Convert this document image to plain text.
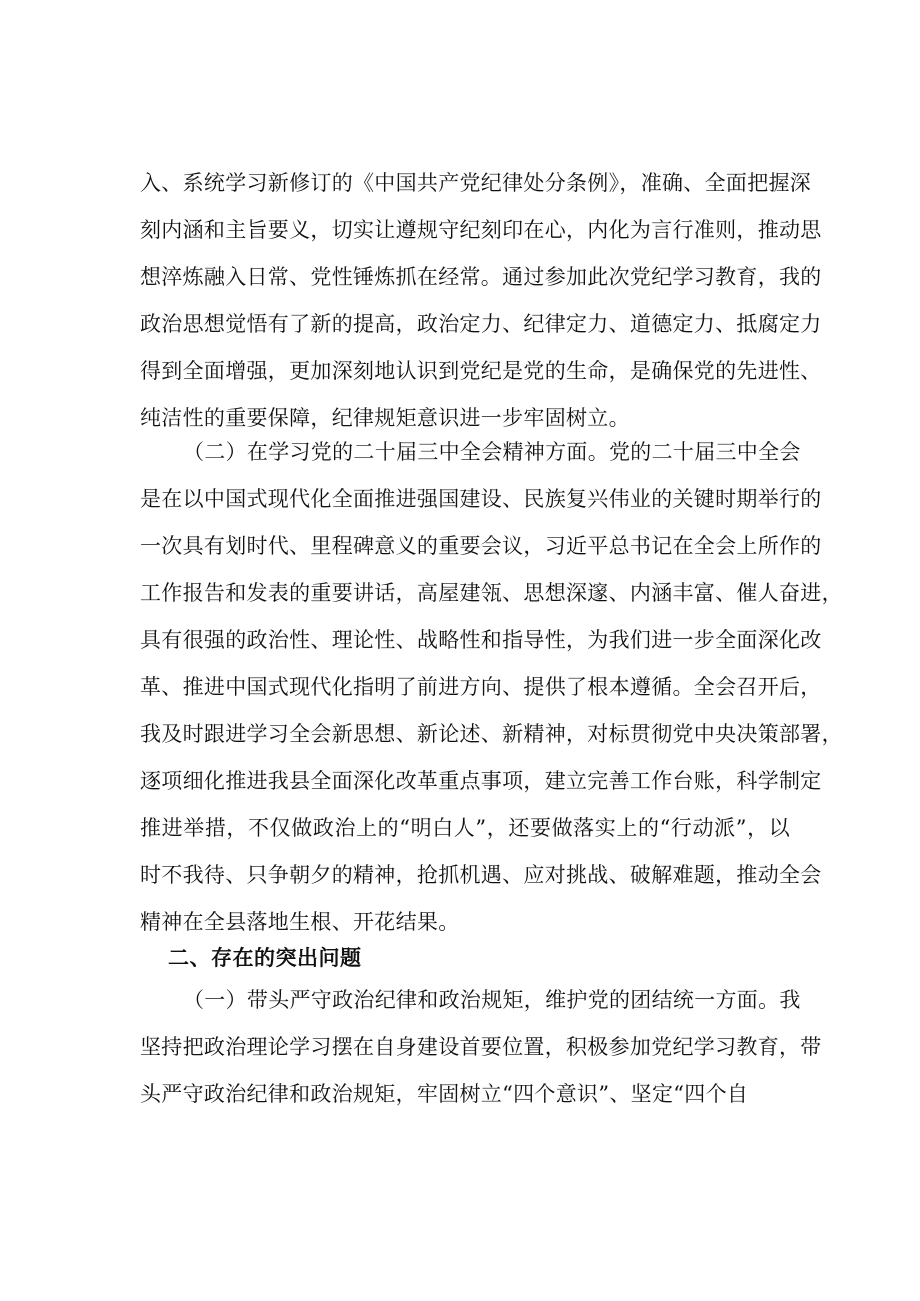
入、系统学习新修订的《中国共产党纪律处分条例》，准确、全面把握深
刻内涵和主旨要义，切实让遵规守纪刻印在心，内化为言行准则，推动思
想淬炼融入日常、党性锤炼抓在经常。通过参加此次党纪学习教育，我的
政治思想觉悟有了新的提高，政治定力、纪律定力、道德定力、抵腐定力
得到全面增强，更加深刻地认识到党纪是党的生命，是确保党的先进性、
纯洁性的重要保障，纪律规矩意识进一步牢固树立。
（二）在学习党的二十届三中全会精神方面。党的二十届三中全会
是在以中国式现代化全面推进强国建设、民族复兴伟业的关键时期举行的
一次具有划时代、里程碑意义的重要会议，习近平总书记在全会上所作的
工作报告和发表的重要讲话，高屋建瓴、思想深邃、内涵丰富、催人奋进，
具有很强的政治性、理论性、战略性和指导性，为我们进一步全面深化改
革、推进中国式现代化指明了前进方向、提供了根本遵循。全会召开后，
我及时跟进学习全会新思想、新论述、新精神，对标贯彻党中央决策部署，
逐项细化推进我县全面深化改革重点事项，建立完善工作台账，科学制定
推进举措，不仅做政治上的“明白人”，还要做落实上的“行动派”，以
时不我待、只争朝夕的精神，抢抓机遇、应对挑战、破解难题，推动全会
精神在全县落地生根、开花结果。
二、存在的突出问题
（一）带头严守政治纪律和政治规矩，维护党的团结统一方面。我
坚持把政治理论学习摆在自身建设首要位置，积极参加党纪学习教育，带
头严守政治纪律和政治规矩，牢固树立“四个意识”、坚定“四个自
